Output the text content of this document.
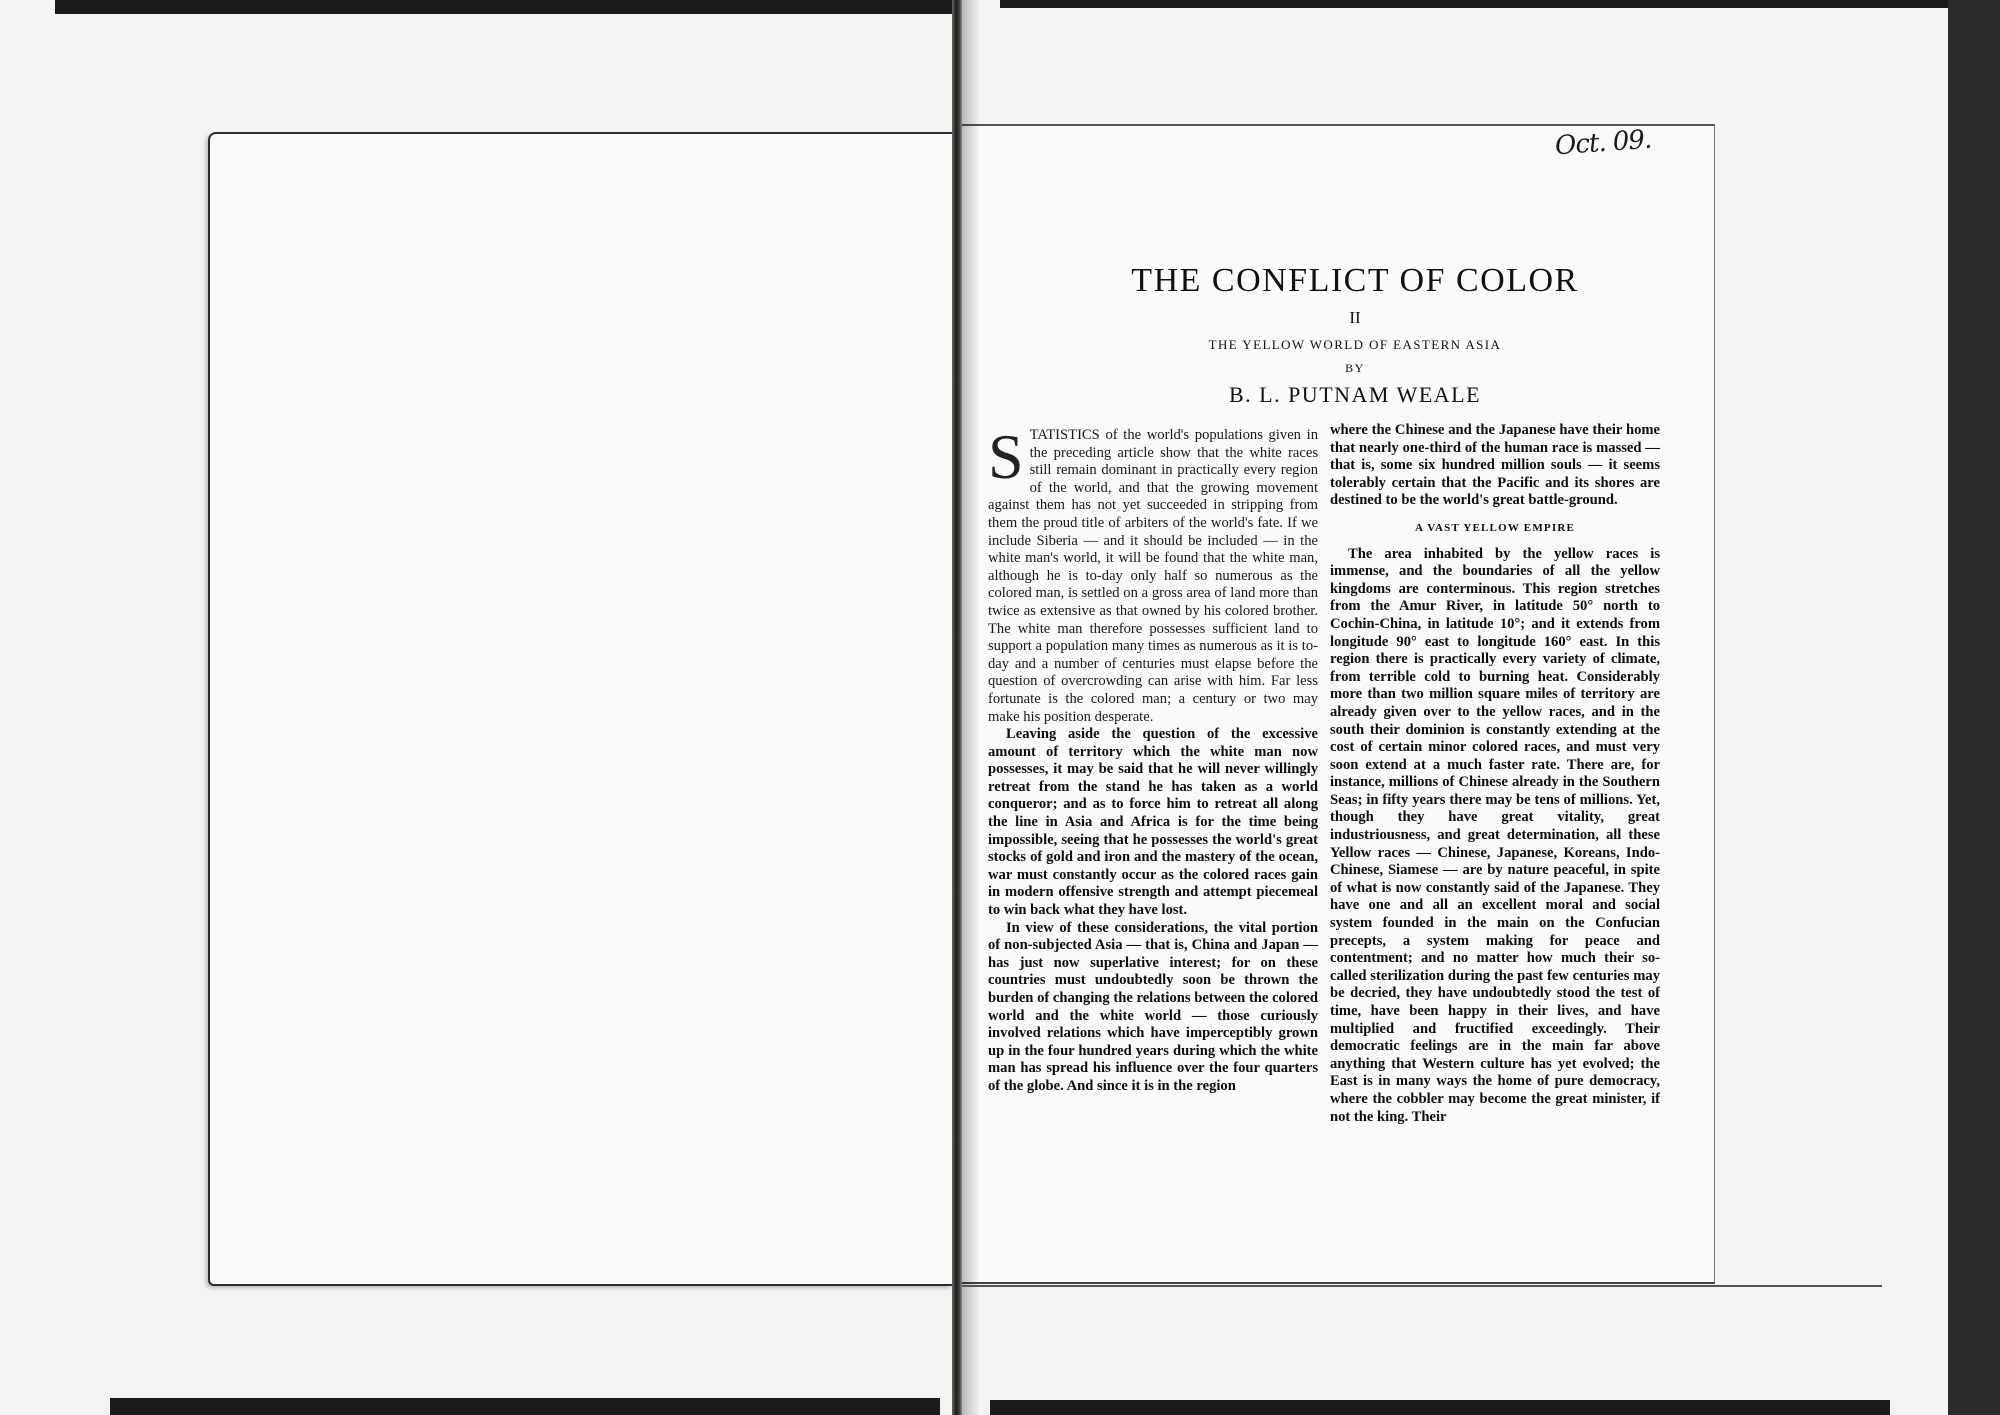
Oct. 09.
THE CONFLICT OF COLOR
II
THE YELLOW WORLD OF EASTERN ASIA
BY
B. L. PUTNAM WEALE

STATISTICS of the world's populations given in the preceding article show that the white races still remain dominant in practically every region of the world, and that the growing movement against them has not yet succeeded in stripping from them the proud title of arbiters of the world's fate. If we include Siberia — and it should be included — in the white man's world, it will be found that the white man, although he is to-day only half so numerous as the colored man, is settled on a gross area of land more than twice as extensive as that owned by his colored brother. The white man therefore possesses sufficient land to support a population many times as numerous as it is to-day and a number of centuries must elapse before the question of overcrowding can arise with him. Far less fortunate is the colored man; a century or two may make his position desperate.

Leaving aside the question of the excessive amount of territory which the white man now possesses, it may be said that he will never willingly retreat from the stand he has taken as a world conqueror; and as to force him to retreat all along the line in Asia and Africa is for the time being impossible, seeing that he possesses the world's great stocks of gold and iron and the mastery of the ocean, war must constantly occur as the colored races gain in modern offensive strength and attempt piecemeal to win back what they have lost.

In view of these considerations, the vital portion of non-subjected Asia — that is, China and Japan — has just now superlative interest; for on these countries must undoubtedly soon be thrown the burden of changing the relations between the colored world and the white world — those curiously involved relations which have imperceptibly grown up in the four hundred years during which the white man has spread his influence over the four quarters of the globe. And since it is in the region

where the Chinese and the Japanese have their home that nearly one-third of the human race is massed — that is, some six hundred million souls — it seems tolerably certain that the Pacific and its shores are destined to be the world's great battle-ground.

A VAST YELLOW EMPIRE

The area inhabited by the yellow races is immense, and the boundaries of all the yellow kingdoms are conterminous. This region stretches from the Amur River, in latitude 50° north to Cochin-China, in latitude 10°; and it extends from longitude 90° east to longitude 160° east. In this region there is practically every variety of climate, from terrible cold to burning heat. Considerably more than two million square miles of territory are already given over to the yellow races, and in the south their dominion is constantly extending at the cost of certain minor colored races, and must very soon extend at a much faster rate. There are, for instance, millions of Chinese already in the Southern Seas; in fifty years there may be tens of millions. Yet, though they have great vitality, great industriousness, and great determination, all these Yellow races — Chinese, Japanese, Koreans, Indo-Chinese, Siamese — are by nature peaceful, in spite of what is now constantly said of the Japanese. They have one and all an excellent moral and social system founded in the main on the Confucian precepts, a system making for peace and contentment; and no matter how much their so-called sterilization during the past few centuries may be decried, they have undoubtedly stood the test of time, have been happy in their lives, and have multiplied and fructified exceedingly. Their democratic feelings are in the main far above anything that Western culture has yet evolved; the East is in many ways the home of pure democracy, where the cobbler may become the great minister, if not the king. Their
